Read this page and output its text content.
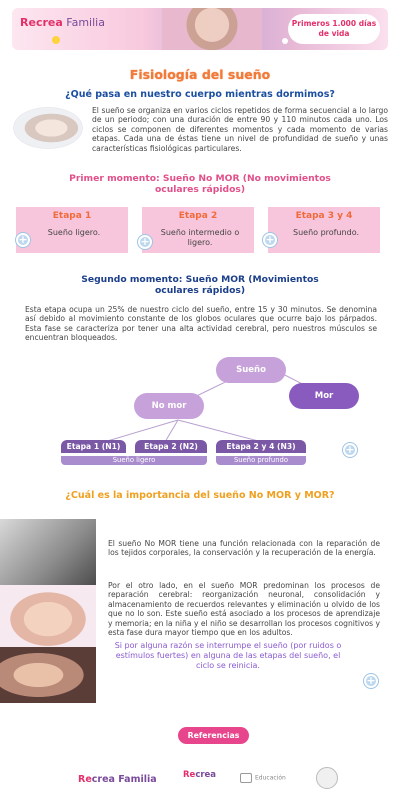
Recrea Familia	Primeros 1.000 días de vida
Fisiología del sueño
¿Qué pasa en nuestro cuerpo mientras dormimos?
El sueño se organiza en varios ciclos repetidos de forma secuencial a lo largo de un periodo; con una duración de entre 90 y 110 minutos cada uno. Los ciclos se componen de diferentes momentos y cada momento de varias etapas. Cada una de éstas tiene un nivel de profundidad de sueño y unas características fisiológicas particulares.
Primer momento: Sueño No MOR (No movimientos oculares rápidos)
Etapa 1
Sueño ligero.
+
Etapa 2
Sueño intermedio o ligero.
+
Etapa 3 y 4
Sueño profundo.
+
Segundo momento: Sueño MOR (Movimientos oculares rápidos)
Esta etapa ocupa un 25% de nuestro ciclo del sueño, entre 15 y 30 minutos. Se denomina así debido al movimiento constante de los globos oculares que ocurre bajo los párpados. Esta fase se caracteriza por tener una alta actividad cerebral, pero nuestros músculos se encuentran bloqueados.
Sueño
Mor
No mor
Etapa 1 (N1)	Etapa 2 (N2)	Etapa 2 y 4 (N3)
Sueño ligero	Sueño profundo
+
¿Cuál es la importancia del sueño No MOR y MOR?
El sueño No MOR tiene una función relacionada con la reparación de los tejidos corporales, la conservación y la recuperación de la energía.
Por el otro lado, en el sueño MOR predominan los procesos de reparación cerebral: reorganización neuronal, consolidación y almacenamiento de recuerdos relevantes y eliminación u olvido de los que no lo son. Este sueño está asociado a los procesos de aprendizaje y memoria; en la niña y el niño se desarrollan los procesos cognitivos y esta fase dura mayor tiempo que en los adultos.
Si por alguna razón se interrumpe el sueño (por ruidos o estímulos fuertes) en alguna de las etapas del sueño, el ciclo se reinicia.
+
Referencias
Recrea Familia	Recrea	Educación
